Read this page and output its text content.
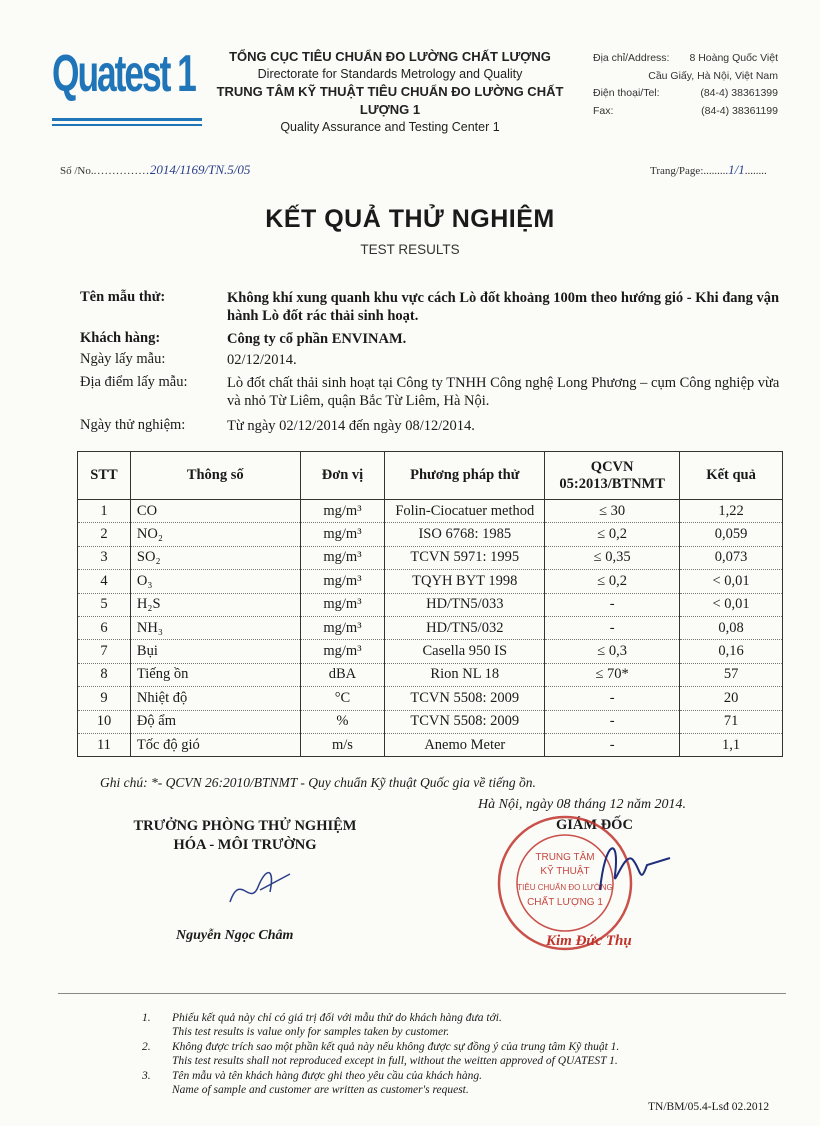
Quatest 1	TỔNG CỤC TIÊU CHUẨN ĐO LƯỜNG CHẤT LƯỢNG
Directorate for Standards Metrology and Quality
TRUNG TÂM KỸ THUẬT TIÊU CHUẨN ĐO LƯỜNG CHẤT LƯỢNG 1
Quality Assurance and Testing Center 1
Địa chỉ/Address: 8 Hoàng Quốc Việt
Cầu Giấy, Hà Nội, Việt Nam
Điện thoại/Tel:	(84-4) 38361399
Fax:	(84-4) 38361199
Số /No................2014/1169/TN.5/05	Trang/Page:.........1/1........
KẾT QUẢ THỬ NGHIỆM
TEST RESULTS
Tên mẫu thử:	Không khí xung quanh khu vực cách Lò đốt khoảng 100m theo hướng gió - Khi đang vận hành Lò đốt rác thải sinh hoạt.
Khách hàng:	Công ty cổ phần ENVINAM.
Ngày lấy mẫu:	02/12/2014.
Địa điểm lấy mẫu:	Lò đốt chất thải sinh hoạt tại Công ty TNHH Công nghệ Long Phương – cụm Công nghiệp vừa và nhỏ Từ Liêm, quận Bắc Từ Liêm, Hà Nội.
Ngày thử nghiệm:	Từ ngày 02/12/2014 đến ngày 08/12/2014.
STT	Thông số	Đơn vị	Phương pháp thử	QCVN 05:2013/BTNMT	Kết quả
1	CO	mg/m³	Folin-Ciocatuer method	≤ 30	1,22
2	NO₂	mg/m³	ISO 6768: 1985	≤ 0,2	0,059
3	SO₂	mg/m³	TCVN 5971: 1995	≤ 0,35	0,073
4	O₃	mg/m³	TQYH BYT 1998	≤ 0,2	< 0,01
5	H₂S	mg/m³	HD/TN5/033	-	< 0,01
6	NH₃	mg/m³	HD/TN5/032	-	0,08
7	Bụi	mg/m³	Casella 950 IS	≤ 0,3	0,16
8	Tiếng ồn	dBA	Rion NL 18	≤ 70*	57
9	Nhiệt độ	°C	TCVN 5508: 2009	-	20
10	Độ ẩm	%	TCVN 5508: 2009	-	71
11	Tốc độ gió	m/s	Anemo Meter	-	1,1
Ghi chú: *- QCVN 26:2010/BTNMT - Quy chuẩn Kỹ thuật Quốc gia về tiếng ồn.
Hà Nội, ngày 08 tháng 12 năm 2014.
TRƯỞNG PHÒNG THỬ NGHIỆM
HÓA - MÔI TRƯỜNG
GIÁM ĐỐC
TRUNG TÂM
KỸ THUẬT
TIÊU CHUẨN ĐO LƯỜNG
CHẤT LƯỢNG 1
Nguyễn Ngọc Châm	Kim Đức Thụ
1. Phiếu kết quả này chỉ có giá trị đối với mẫu thử do khách hàng đưa tới.
This test results is value only for samples taken by customer.
2. Không được trích sao một phần kết quả này nếu không được sự đồng ý của trung tâm Kỹ thuật 1.
This test results shall not reproduced except in full, without the weitten approved of QUATEST 1.
3. Tên mẫu và tên khách hàng được ghi theo yêu cầu của khách hàng.
Name of sample and customer are written as customer's request.
TN/BM/05.4-Lsđ 02.2012
